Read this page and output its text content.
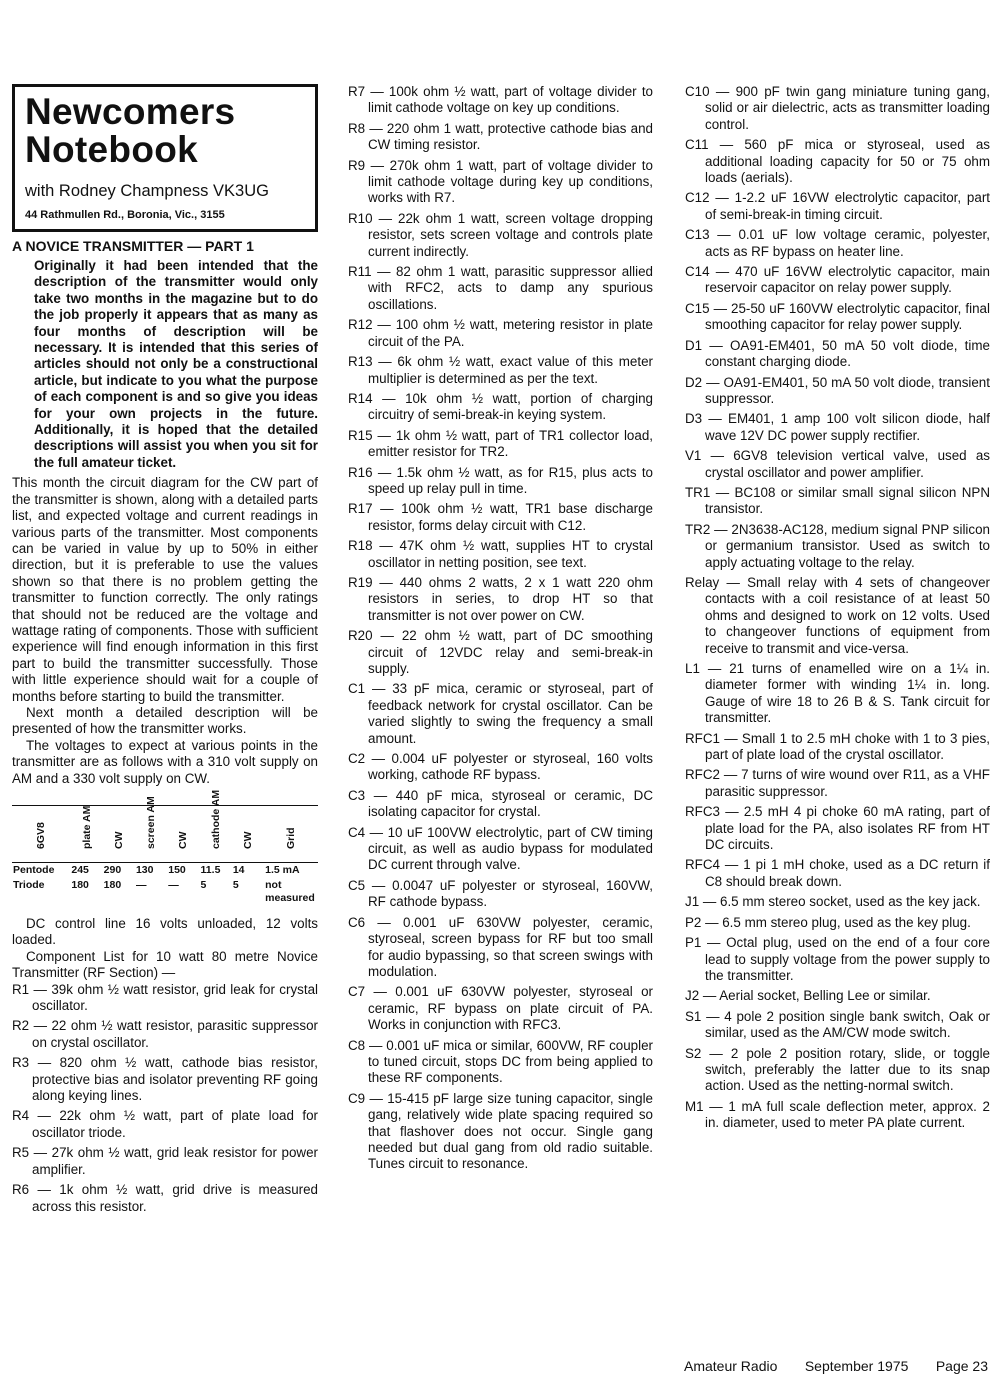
Newcomers
Notebook
with Rodney Champness VK3UG
44 Rathmullen Rd., Boronia, Vic., 3155
A NOVICE TRANSMITTER — PART 1
Originally it had been intended that the description of the transmitter would only take two months in the magazine but to do the job properly it appears that as many as four months of description will be necessary. It is intended that this series of articles should not only be a constructional article, but indicate to you what the purpose of each component is and so give you ideas for your own projects in the future. Additionally, it is hoped that the detailed descriptions will assist you when you sit for the full amateur ticket.
This month the circuit diagram for the CW part of the transmitter is shown, along with a detailed parts list, and expected voltage and current readings in various parts of the transmitter. Most components can be varied in value by up to 50% in either direction, but it is preferable to use the values shown so that there is no problem getting the transmitter to function correctly. The only ratings that should not be reduced are the voltage and wattage rating of components. Those with sufficient experience will find enough information in this first part to build the transmitter successfully. Those with little experience should wait for a couple of months before starting to build the transmitter.
Next month a detailed description will be presented of how the transmitter works.
The voltages to expect at various points in the transmitter are as follows with a 310 volt supply on AM and a 330 volt supply on CW.
6GV8	plate AM	CW	screen AM	CW	cathode AM	CW	Grid
Pentode	245	290	130	150	11.5	14	1.5 mA
Triode	180	180	—	—	5	5	not measured
DC control line 16 volts unloaded, 12 volts loaded.
Component List for 10 watt 80 metre Novice Transmitter (RF Section) —
R1 — 39k ohm ½ watt resistor, grid leak for crystal oscillator.
R2 — 22 ohm ½ watt resistor, parasitic suppressor on crystal oscillator.
R3 — 820 ohm ½ watt, cathode bias resistor, protective bias and isolator preventing RF going along keying lines.
R4 — 22k ohm ½ watt, part of plate load for oscillator triode.
R5 — 27k ohm ½ watt, grid leak resistor for power amplifier.
R6 — 1k ohm ½ watt, grid drive is measured across this resistor.
R7 — 100k ohm ½ watt, part of voltage divider to limit cathode voltage on key up conditions.
R8 — 220 ohm 1 watt, protective cathode bias and CW timing resistor.
R9 — 270k ohm 1 watt, part of voltage divider to limit cathode voltage during key up conditions, works with R7.
R10 — 22k ohm 1 watt, screen voltage dropping resistor, sets screen voltage and controls plate current indirectly.
R11 — 82 ohm 1 watt, parasitic suppressor allied with RFC2, acts to damp any spurious oscillations.
R12 — 100 ohm ½ watt, metering resistor in plate circuit of the PA.
R13 — 6k ohm ½ watt, exact value of this meter multiplier is determined as per the text.
R14 — 10k ohm ½ watt, portion of charging circuitry of semi-break-in keying system.
R15 — 1k ohm ½ watt, part of TR1 collector load, emitter resistor for TR2.
R16 — 1.5k ohm ½ watt, as for R15, plus acts to speed up relay pull in time.
R17 — 100k ohm ½ watt, TR1 base discharge resistor, forms delay circuit with C12.
R18 — 47K ohm ½ watt, supplies HT to crystal oscillator in netting position, see text.
R19 — 440 ohms 2 watts, 2 x 1 watt 220 ohm resistors in series, to drop HT so that transmitter is not over power on CW.
R20 — 22 ohm ½ watt, part of DC smoothing circuit of 12VDC relay and semi-break-in supply.
C1 — 33 pF mica, ceramic or styroseal, part of feedback network for crystal oscillator. Can be varied slightly to swing the frequency a small amount.
C2 — 0.004 uF polyester or styroseal, 160 volts working, cathode RF bypass.
C3 — 440 pF mica, styroseal or ceramic, DC isolating capacitor for crystal.
C4 — 10 uF 100VW electrolytic, part of CW timing circuit, as well as audio bypass for modulated DC current through valve.
C5 — 0.0047 uF polyester or styroseal, 160VW, RF cathode bypass.
C6 — 0.001 uF 630VW polyester, ceramic, styroseal, screen bypass for RF but too small for audio bypassing, so that screen swings with modulation.
C7 — 0.001 uF 630VW polyester, styroseal or ceramic, RF bypass on plate circuit of PA. Works in conjunction with RFC3.
C8 — 0.001 uF mica or similar, 600VW, RF coupler to tuned circuit, stops DC from being applied to these RF components.
C9 — 15-415 pF large size tuning capacitor, single gang, relatively wide plate spacing required so that flashover does not occur. Single gang needed but dual gang from old radio suitable. Tunes circuit to resonance.
C10 — 900 pF twin gang miniature tuning gang, solid or air dielectric, acts as transmitter loading control.
C11 — 560 pF mica or styroseal, used as additional loading capacity for 50 or 75 ohm loads (aerials).
C12 — 1-2.2 uF 16VW electrolytic capacitor, part of semi-break-in timing circuit.
C13 — 0.01 uF low voltage ceramic, polyester, acts as RF bypass on heater line.
C14 — 470 uF 16VW electrolytic capacitor, main reservoir capacitor on relay power supply.
C15 — 25-50 uF 160VW electrolytic capacitor, final smoothing capacitor for relay power supply.
D1 — OA91-EM401, 50 mA 50 volt diode, time constant charging diode.
D2 — OA91-EM401, 50 mA 50 volt diode, transient suppressor.
D3 — EM401, 1 amp 100 volt silicon diode, half wave 12V DC power supply rectifier.
V1 — 6GV8 television vertical valve, used as crystal oscillator and power amplifier.
TR1 — BC108 or similar small signal silicon NPN transistor.
TR2 — 2N3638-AC128, medium signal PNP silicon or germanium transistor. Used as switch to apply actuating voltage to the relay.
Relay — Small relay with 4 sets of changeover contacts with a coil resistance of at least 50 ohms and designed to work on 12 volts. Used to changeover functions of equipment from receive to transmit and vice-versa.
L1 — 21 turns of enamelled wire on a 1¼ in. diameter former with winding 1¼ in. long. Gauge of wire 18 to 26 B & S. Tank circuit for transmitter.
RFC1 — Small 1 to 2.5 mH choke with 1 to 3 pies, part of plate load of the crystal oscillator.
RFC2 — 7 turns of wire wound over R11, as a VHF parasitic suppressor.
RFC3 — 2.5 mH 4 pi choke 60 mA rating, part of plate load for the PA, also isolates RF from HT DC circuits.
RFC4 — 1 pi 1 mH choke, used as a DC return if C8 should break down.
J1 — 6.5 mm stereo socket, used as the key jack.
P2 — 6.5 mm stereo plug, used as the key plug.
P1 — Octal plug, used on the end of a four core lead to supply voltage from the power supply to the transmitter.
J2 — Aerial socket, Belling Lee or similar.
S1 — 4 pole 2 position single bank switch, Oak or similar, used as the AM/CW mode switch.
S2 — 2 pole 2 position rotary, slide, or toggle switch, preferably the latter due to its snap action. Used as the netting-normal switch.
M1 — 1 mA full scale deflection meter, approx. 2 in. diameter, used to meter PA plate current.
Amateur Radio September 1975 Page 23
